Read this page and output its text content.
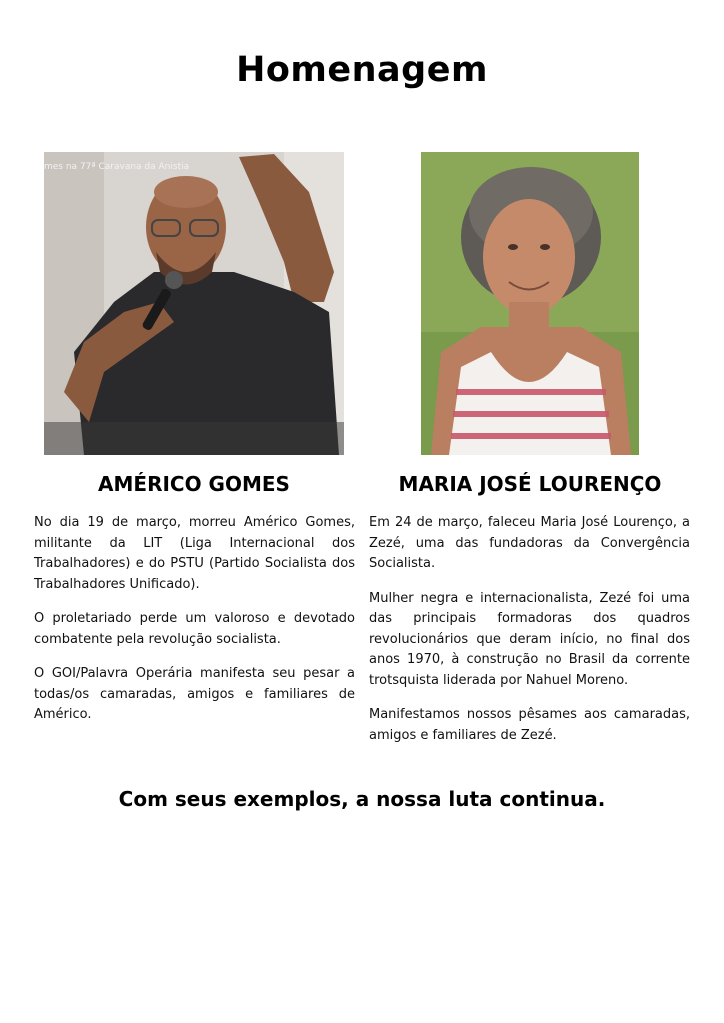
Homenagem
mes na 77ª Caravana da Anistia
AMÉRICO GOMES	MARIA JOSÉ LOURENÇO

No dia 19 de março, morreu Américo Gomes, militante da LIT (Liga Internacional dos Trabalhadores) e do PSTU (Partido Socialista dos Trabalhadores Unificado).

O proletariado perde um valoroso e devotado combatente pela revolução socialista.

O GOI/Palavra Operária manifesta seu pesar a todas/os camaradas, amigos e familiares de Américo.

Em 24 de março, faleceu Maria José Lourenço, a Zezé, uma das fundadoras da Convergência Socialista.

Mulher negra e internacionalista, Zezé foi uma das principais formadoras dos quadros revolucionários que deram início, no final dos anos 1970, à construção no Brasil da corrente trotsquista liderada por Nahuel Moreno.

Manifestamos nossos pêsames aos camaradas, amigos e familiares de Zezé.

Com seus exemplos, a nossa luta continua.
